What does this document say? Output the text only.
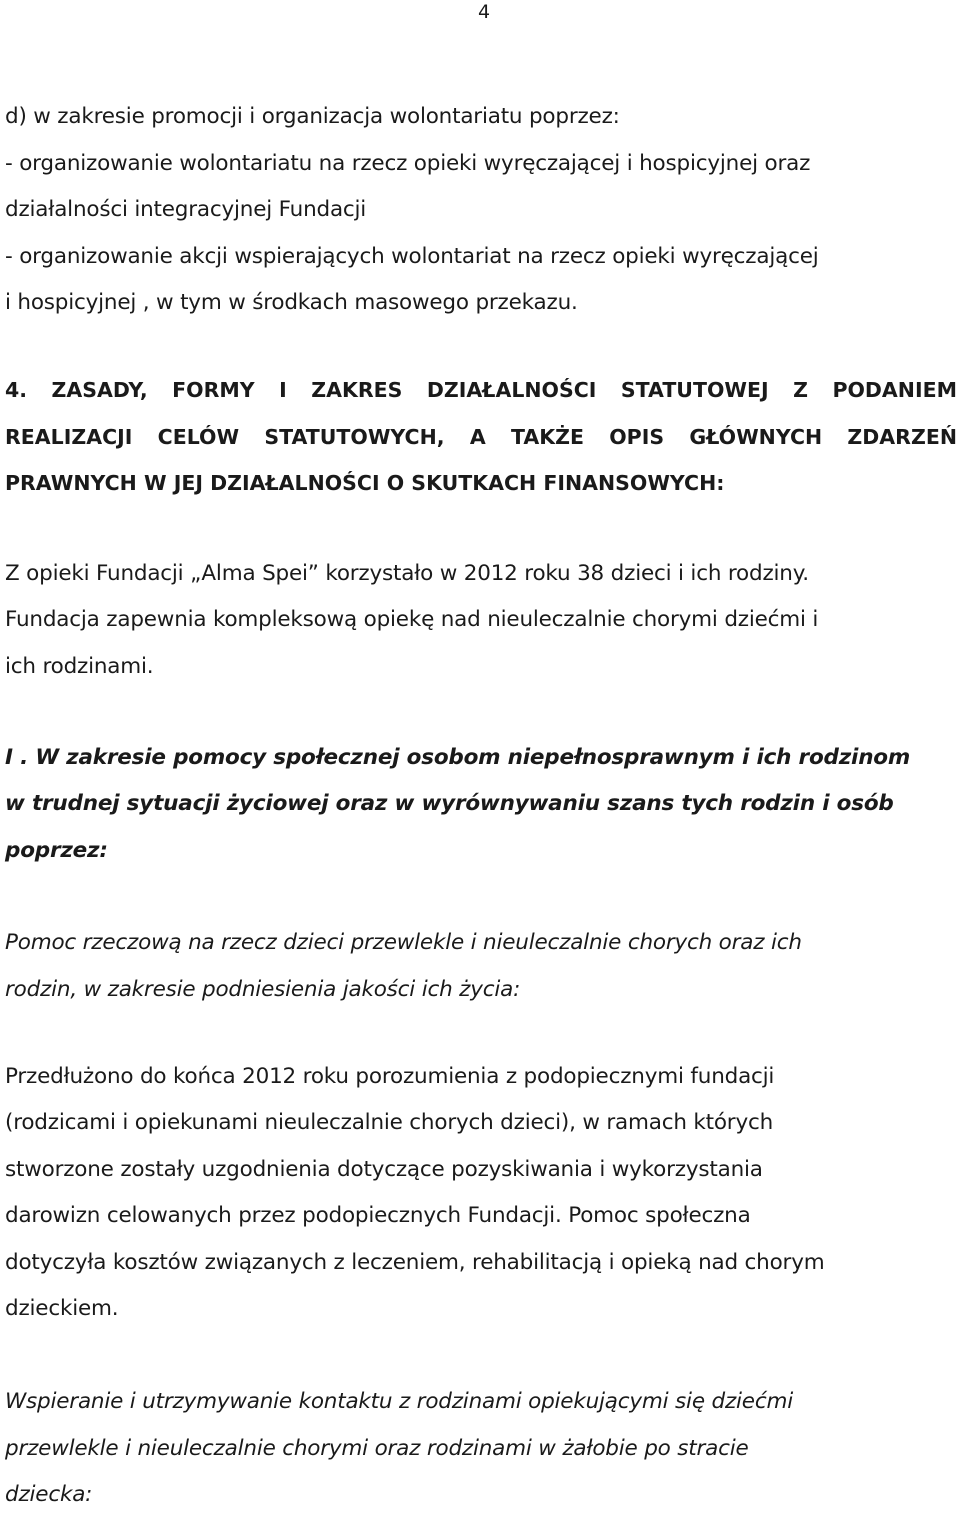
4
d) w zakresie promocji i organizacja wolontariatu poprzez:
- organizowanie wolontariatu na rzecz opieki wyręczającej i hospicyjnej oraz
działalności integracyjnej Fundacji
- organizowanie akcji wspierających wolontariat na rzecz opieki wyręczającej
i hospicyjnej , w tym w środkach masowego przekazu.
4. ZASADY, FORMY I ZAKRES DZIAŁALNOŚCI STATUTOWEJ Z PODANIEM
REALIZACJI CELÓW STATUTOWYCH, A TAKŻE OPIS GŁÓWNYCH ZDARZEŃ
PRAWNYCH W JEJ DZIAŁALNOŚCI O SKUTKACH FINANSOWYCH:
Z opieki Fundacji „Alma Spei” korzystało w 2012 roku 38 dzieci i ich rodziny.
Fundacja zapewnia kompleksową opiekę nad nieuleczalnie chorymi dziećmi i
ich rodzinami.
I . W zakresie pomocy społecznej osobom niepełnosprawnym i ich rodzinom
w trudnej sytuacji życiowej oraz w wyrównywaniu szans tych rodzin i osób
poprzez:
Pomoc rzeczową na rzecz dzieci przewlekle i nieuleczalnie chorych oraz ich
rodzin, w zakresie podniesienia jakości ich życia:
Przedłużono do końca 2012 roku porozumienia z podopiecznymi fundacji
(rodzicami i opiekunami nieuleczalnie chorych dzieci), w ramach których
stworzone zostały uzgodnienia dotyczące pozyskiwania i wykorzystania
darowizn celowanych przez podopiecznych Fundacji. Pomoc społeczna
dotyczyła kosztów związanych z leczeniem, rehabilitacją i opieką nad chorym
dzieckiem.
Wspieranie i utrzymywanie kontaktu z rodzinami opiekującymi się dziećmi
przewlekle i nieuleczalnie chorymi oraz rodzinami w żałobie po stracie
dziecka:
